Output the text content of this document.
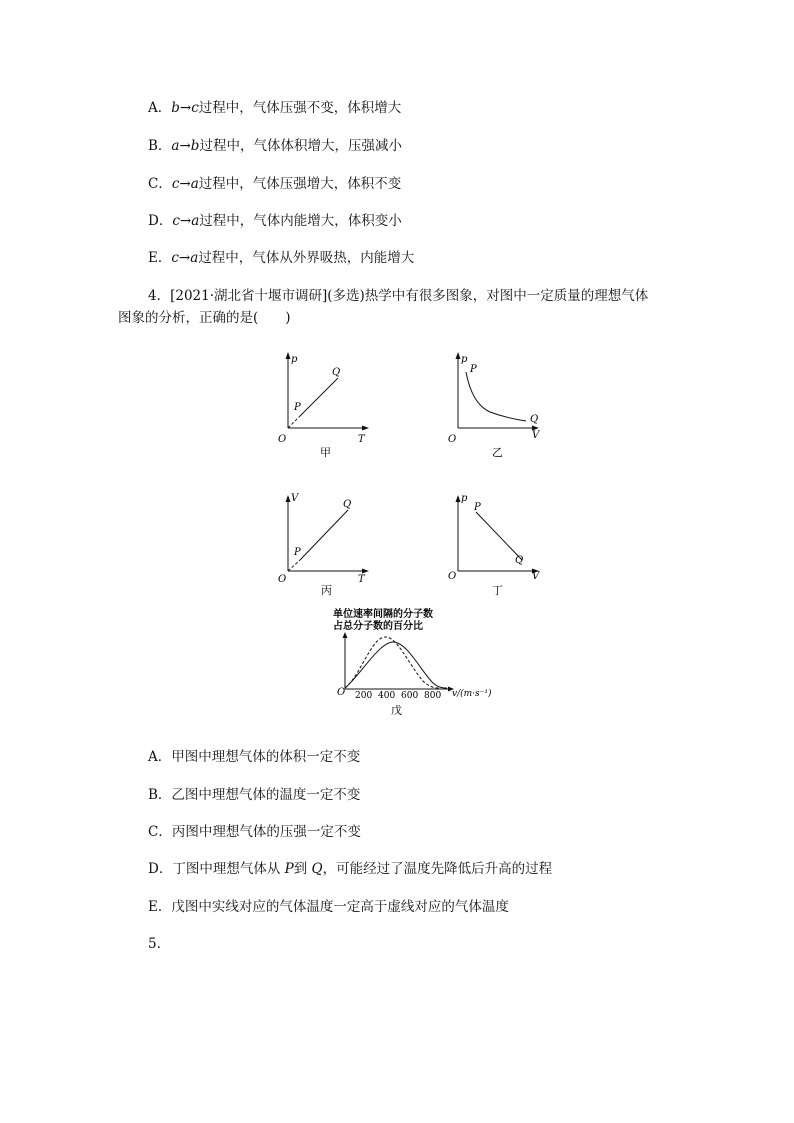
A．b→c过程中，气体压强不变，体积增大
B．a→b过程中，气体体积增大，压强减小
C．c→a过程中，气体压强增大，体积不变
D．c→a过程中，气体内能增大，体积变小
E．c→a过程中，气体从外界吸热，内能增大
4．[2021·湖北省十堰市调研](多选)热学中有很多图象，对图中一定质量的理想气体
图象的分析，正确的是(　　)
p
T
O
P
Q
甲
p
V
O
P
Q
乙
V
T
O
P
Q
丙
p
V
O
P
Q
丁
单位速率间隔的分子数
占总分子数的百分比
O 200 400 600 800 v/(m·s⁻¹)
戊
A．甲图中理想气体的体积一定不变
B．乙图中理想气体的温度一定不变
C．丙图中理想气体的压强一定不变
D．丁图中理想气体从 P到 Q，可能经过了温度先降低后升高的过程
E．戊图中实线对应的气体温度一定高于虚线对应的气体温度
5.
